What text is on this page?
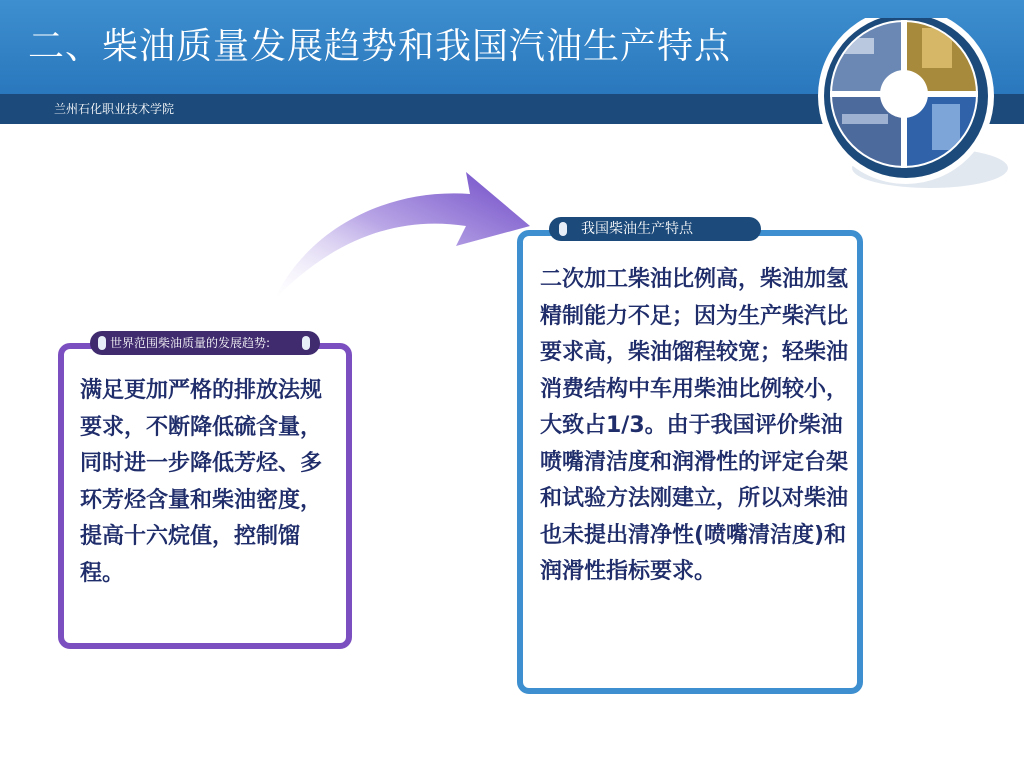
二、柴油质量发展趋势和我国汽油生产特点
兰州石化职业技术学院
世界范围柴油质量的发展趋势:
满足更加严格的排放法规要求，不断降低硫含量，同时进一步降低芳烃、多环芳烃含量和柴油密度，提高十六烷值，控制馏程。
我国柴油生产特点
二次加工柴油比例高，柴油加氢精制能力不足；因为生产柴汽比要求高，柴油馏程较宽；轻柴油消费结构中车用柴油比例较小，大致占1/3。由于我国评价柴油喷嘴清洁度和润滑性的评定台架和试验方法刚建立，所以对柴油也未提出清净性(喷嘴清洁度)和润滑性指标要求。
